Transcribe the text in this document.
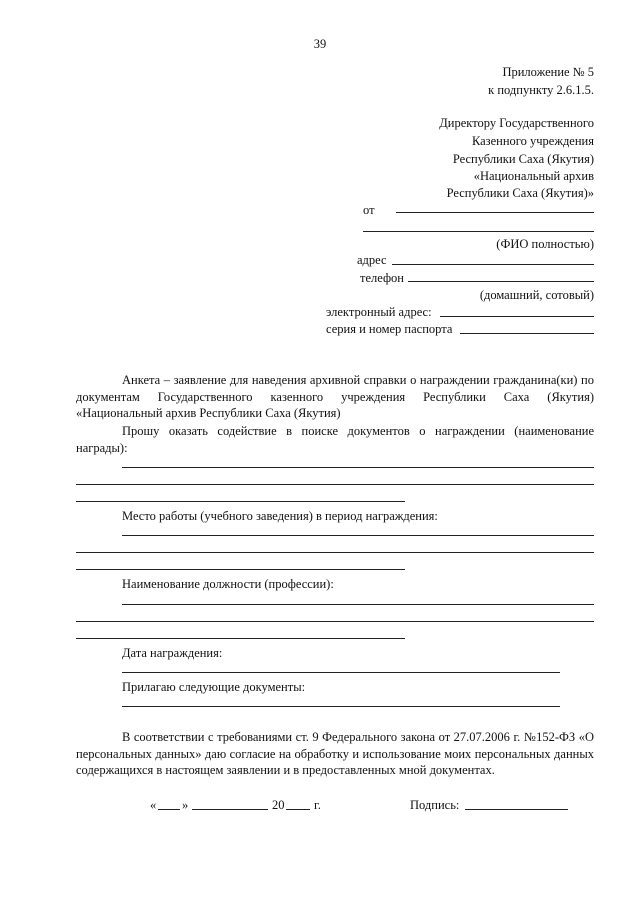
39
Приложение № 5
к подпункту 2.6.1.5.
Директору Государственного
Казенного учреждения
Республики Саха (Якутия)
«Национальный архив
Республики Саха (Якутия)»
от
(ФИО полностью)
адрес
телефон
(домашний, сотовый)
электронный адрес:
серия и номер паспорта
Анкета – заявление для наведения архивной справки о награждении гражданина(ки) по документам Государственного казенного учреждения Республики Саха (Якутия) «Национальный архив Республики Саха (Якутия)
Прошу оказать содействие в поиске документов о награждении (наименование награды):
Место работы (учебного заведения) в период награждения:
Наименование должности (профессии):
Дата награждения:
Прилагаю следующие документы:
В соответствии с требованиями ст. 9 Федерального закона от 27.07.2006 г. №152-ФЗ «О персональных данных» даю согласие на обработку и использование моих персональных данных содержащихся в настоящем заявлении и в предоставленных мной документах.
« »	20 г.	Подпись:
